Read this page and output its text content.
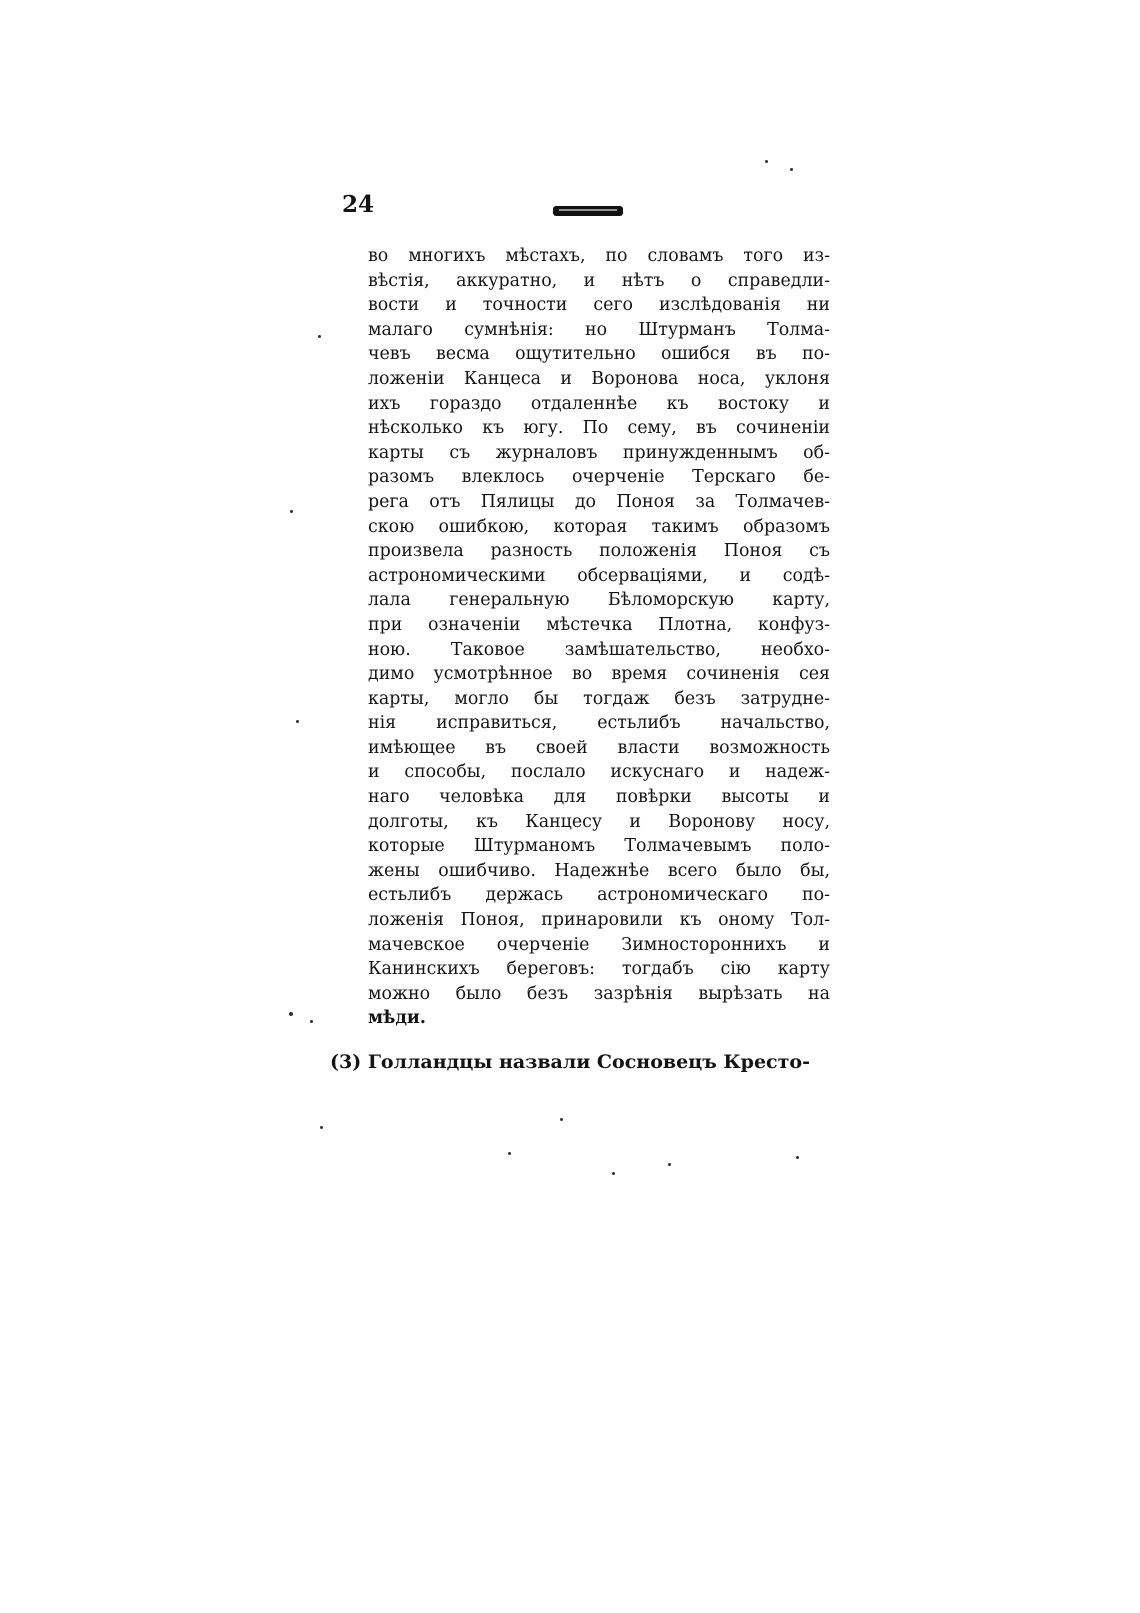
24
во многихъ мѣстахъ, по словамъ того из-
вѣстія, аккуратно, и нѣтъ о справедли-
вости и точности сего изслѣдованія ни
малаго сумнѣнія: но Штурманъ Толма-
чевъ весма ощутительно ошибся въ по-
ложеніи Канцеса и Воронова носа, уклоня
ихъ гораздо отдаленнѣе къ востоку и
нѣсколько къ югу. По сему, въ сочиненіи
карты съ журналовъ принужденнымъ об-
разомъ влеклось очерченіе Терскаго бе-
рега отъ Пялицы до Поноя за Толмачев-
скою ошибкою, которая такимъ образомъ
произвела разность положенія Поноя съ
астрономическими обсерваціями, и содѣ-
лала генеральную Бѣломорскую карту,
при означеніи мѣстечка Плотна, конфуз-
ною. Таковое замѣшательство, необхо-
димо усмотрѣнное во время сочиненія сея
карты, могло бы тогдаж безъ затрудне-
нія исправиться, естьлибъ начальство,
имѣющее въ своей власти возможность
и способы, послало искуснаго и надеж-
наго человѣка для повѣрки высоты и
долготы, къ Канцесу и Воронову носу,
которые Штурманомъ Толмачевымъ поло-
жены ошибчиво. Надежнѣе всего было бы,
естьлибъ держась астрономическаго по-
ложенія Поноя, принаровили къ оному Тол-
мачевское очерченіе Зимностороннихъ и
Канинскихъ береговъ: тогдабъ сію карту
можно было безъ зазрѣнія вырѣзать на
мѣди.
(3) Голландцы назвали Сосновецъ Кресто-
